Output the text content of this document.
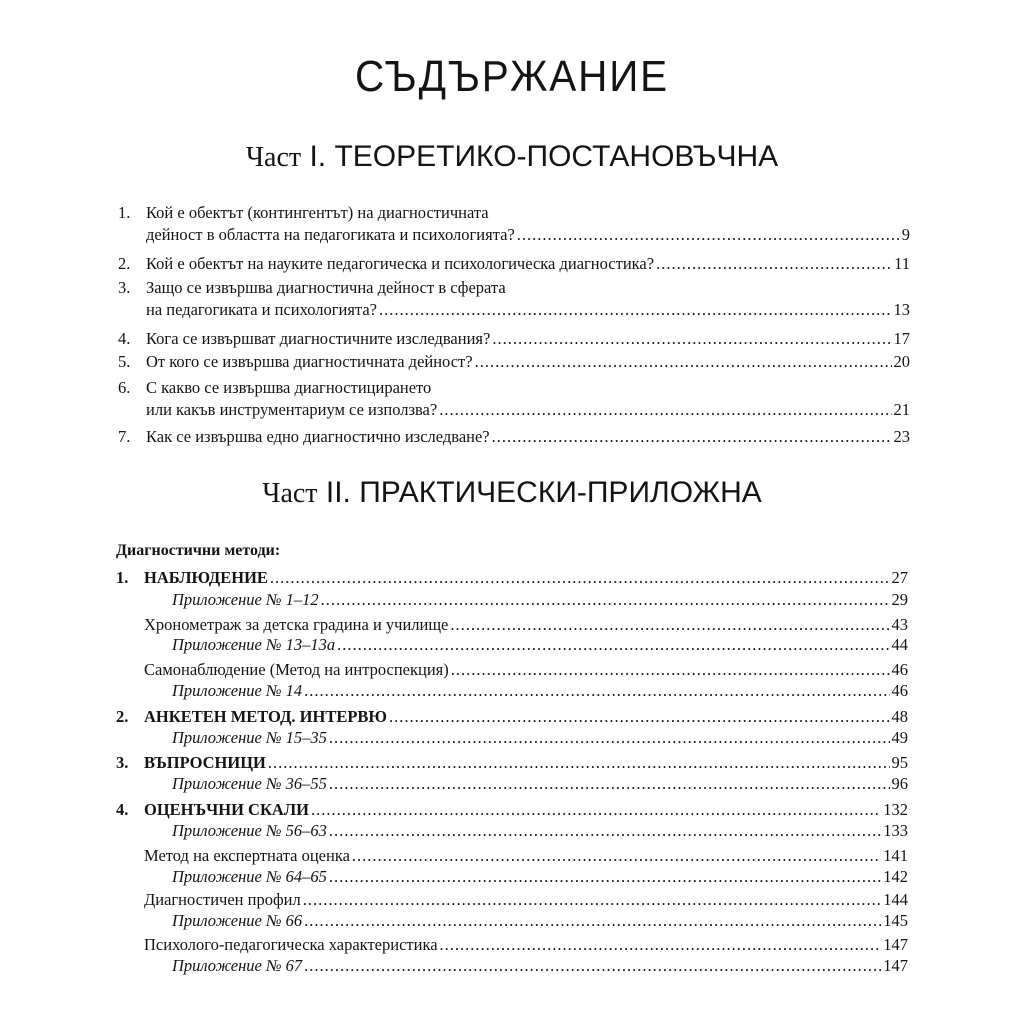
СЪДЪРЖАНИЕ
Част I. ТЕОРЕТИКО-ПОСТАНОВЪЧНА
1. Кой е обектът (контингентът) на диагностичната
дейност в областта на педагогиката и психологията? .....	9
2. Кой е обектът на науките педагогическа и психологическа диагностика? .....	11
3. Защо се извършва диагностична дейност в сферата
на педагогиката и психологията? .....	13
4. Кога се извършват диагностичните изследвания? .....	17
5. От кого се извършва диагностичната дейност? .....	20
6. С какво се извършва диагностицирането
или какъв инструментариум се използва? .....	21
7. Как се извършва едно диагностично изследване? .....	23
Част II. ПРАКТИЧЕСКИ-ПРИЛОЖНА
Диагностични методи:
1. НАБЛЮДЕНИЕ .....	27
Приложение № 1–12 .....	29
Хронометраж за детска градина и училище .....	43
Приложение № 13–13а .....	44
Самонаблюдение (Метод на интроспекция) .....	46
Приложение № 14 .....	46
2. АНКЕТЕН МЕТОД. ИНТЕРВЮ .....	48
Приложение № 15–35 .....	49
3. ВЪПРОСНИЦИ .....	95
Приложение № 36–55 .....	96
4. ОЦЕНЪЧНИ СКАЛИ .....	132
Приложение № 56–63 .....	133
Метод на експертната оценка .....	141
Приложение № 64–65 .....	142
Диагностичен профил .....	144
Приложение № 66 .....	145
Психолого-педагогическа характеристика .....	147
Приложение № 67 .....	147
